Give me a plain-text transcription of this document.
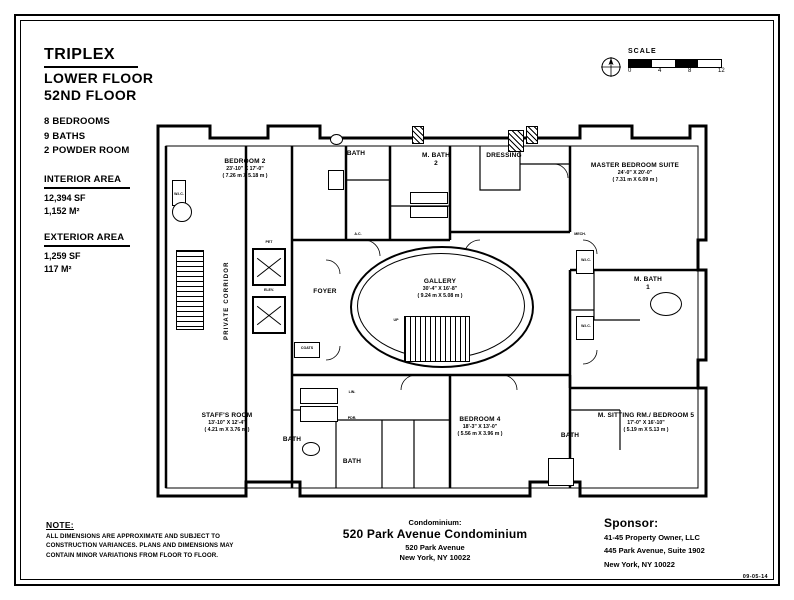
TRIPLEX
LOWER FLOOR
52ND FLOOR
8 BEDROOMS
9 BATHS
2 POWDER ROOM
INTERIOR AREA
12,394 SF
1,152 M²
EXTERIOR AREA
1,259 SF
117 M²
SCALE
0	4	8	12
BEDROOM 2
23'-10" X 17'-0"
( 7.26 m X 5.18 m )
W.I.C.
BATH	M. BATH
2
DRESSING
MASTER BEDROOM SUITE
24'-0" X 20'-0"
( 7.31 m X 6.09 m )
GALLERY
30'-4" X 16'-8"
( 9.24 m X 5.08 m )
UP
FOYER
PET
ELEV.
COATS
PRIVATE CORRIDOR	M. BATH
1
W.I.C.
W.I.C.
STAFF'S ROOM
13'-10" X 12'-4"
( 4.21 m X 3.76 m )
BATH
BATH
LIN.
PDR.	BEDROOM 4
18'-3" X 13'-0"
( 5.56 m X 3.96 m )	BATH
M. SITTING RM./ BEDROOM 5
17'-0" X 16'-10"
( 5.19 m X 5.13 m )
A.C.	MECH.
NOTE:
ALL DIMENSIONS ARE APPROXIMATE AND SUBJECT TO CONSTRUCTION VARIANCES. PLANS AND DIMENSIONS MAY CONTAIN MINOR VARIATIONS FROM FLOOR TO FLOOR.
Condominium:
520 Park Avenue Condominium
520 Park Avenue
New York, NY 10022
Sponsor:
41-45 Property Owner, LLC
445 Park Avenue, Suite 1902
New York, NY 10022
09-05-14
